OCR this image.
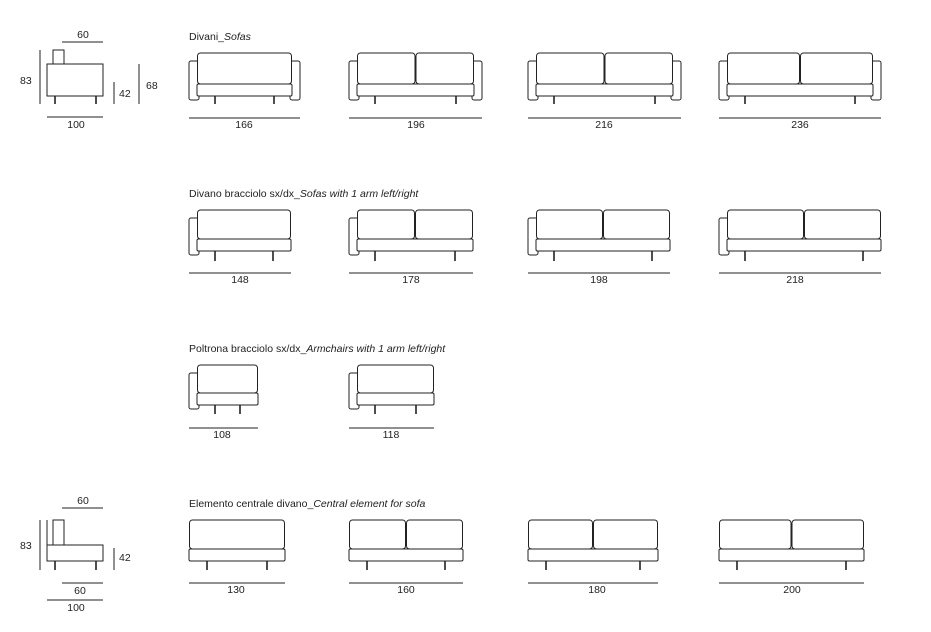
Divani_Sofas
Divano bracciolo sx/dx_Sofas with 1 arm left/right
Poltrona bracciolo sx/dx_Armchairs with 1 arm left/right
Elemento centrale divano_Central element for sofa
166	196	216	236
148	178	198	218
108	118
130	160	180	200
60
83
42
68
100
60
83
42
60
100
